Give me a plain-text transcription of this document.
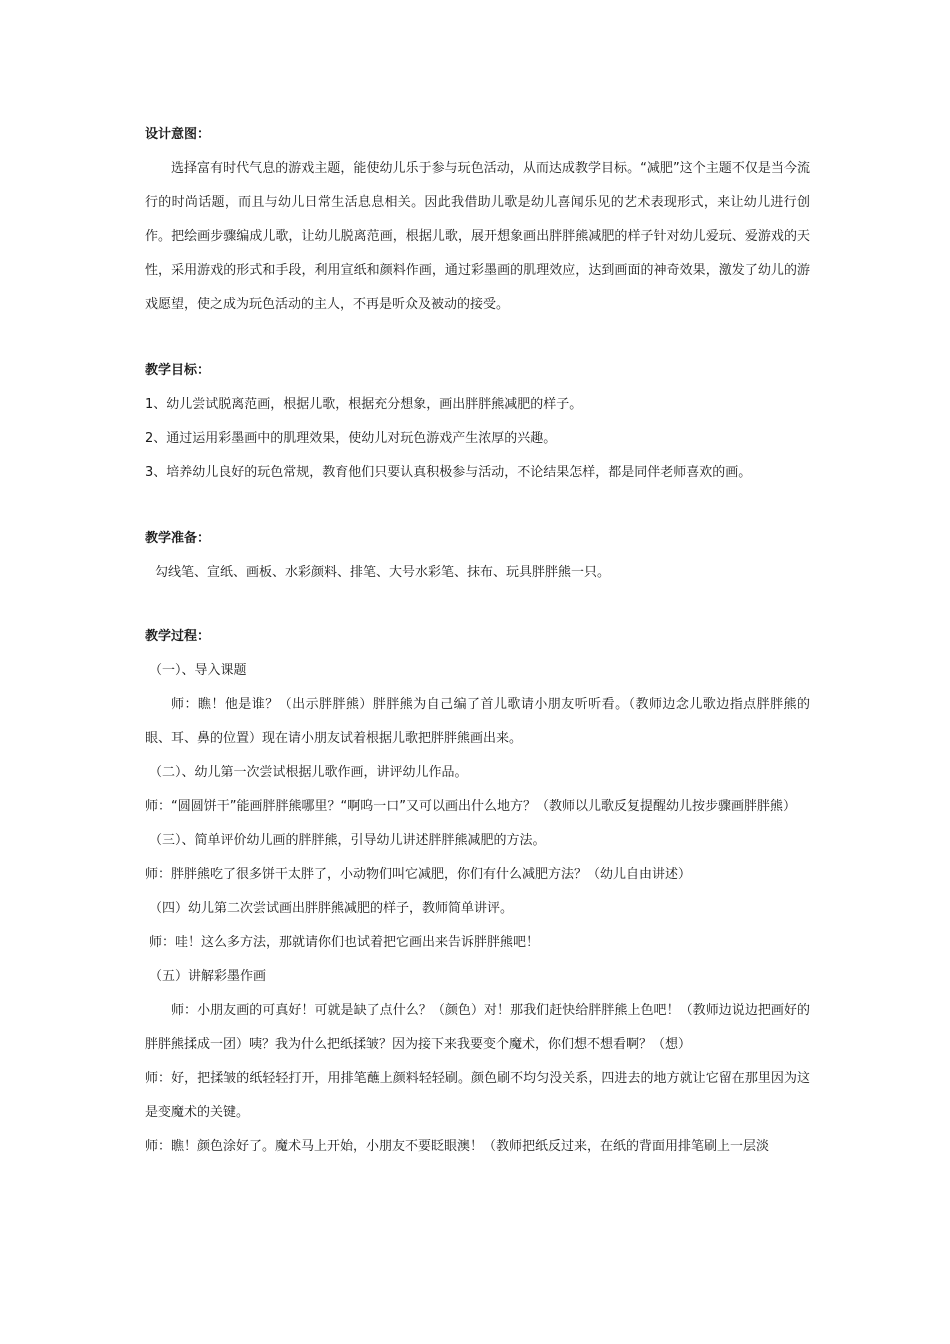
设计意图：

选择富有时代气息的游戏主题，能使幼儿乐于参与玩色活动，从而达成教学目标。“减肥”这个主题不仅是当今流行的时尚话题，而且与幼儿日常生活息息相关。因此我借助儿歌是幼儿喜闻乐见的艺术表现形式，来让幼儿进行创作。把绘画步骤编成儿歌，让幼儿脱离范画，根据儿歌，展开想象画出胖胖熊减肥的样子针对幼儿爱玩、爱游戏的天性，采用游戏的形式和手段，利用宣纸和颜料作画，通过彩墨画的肌理效应，达到画面的神奇效果，激发了幼儿的游戏愿望，使之成为玩色活动的主人，不再是听众及被动的接受。

教学目标：

1、幼儿尝试脱离范画，根据儿歌，根据充分想象，画出胖胖熊减肥的样子。

2、通过运用彩墨画中的肌理效果，使幼儿对玩色游戏产生浓厚的兴趣。

3、培养幼儿良好的玩色常规，教育他们只要认真积极参与活动，不论结果怎样，都是同伴老师喜欢的画。

教学准备：

勾线笔、宣纸、画板、水彩颜料、排笔、大号水彩笔、抹布、玩具胖胖熊一只。

教学过程：

（一）、导入课题

师：瞧！他是谁？（出示胖胖熊）胖胖熊为自己编了首儿歌请小朋友听听看。（教师边念儿歌边指点胖胖熊的眼、耳、鼻的位置）现在请小朋友试着根据儿歌把胖胖熊画出来。

（二）、幼儿第一次尝试根据儿歌作画，讲评幼儿作品。

师：“圆圆饼干”能画胖胖熊哪里？“啊呜一口”又可以画出什么地方？（教师以儿歌反复提醒幼儿按步骤画胖胖熊）

（三）、简单评价幼儿画的胖胖熊，引导幼儿讲述胖胖熊减肥的方法。

师：胖胖熊吃了很多饼干太胖了，小动物们叫它减肥，你们有什么减肥方法？（幼儿自由讲述）

（四）幼儿第二次尝试画出胖胖熊减肥的样子，教师简单讲评。

师：哇！这么多方法，那就请你们也试着把它画出来告诉胖胖熊吧！

（五）讲解彩墨作画

师：小朋友画的可真好！可就是缺了点什么？（颜色）对！那我们赶快给胖胖熊上色吧！（教师边说边把画好的胖胖熊揉成一团）咦？我为什么把纸揉皱？因为接下来我要变个魔术，你们想不想看啊？（想）

师：好，把揉皱的纸轻轻打开，用排笔蘸上颜料轻轻刷。颜色刷不均匀没关系，四进去的地方就让它留在那里因为这是变魔术的关键。

师：瞧！颜色涂好了。魔术马上开始，小朋友不要眨眼澳！（教师把纸反过来，在纸的背面用排笔刷上一层淡
